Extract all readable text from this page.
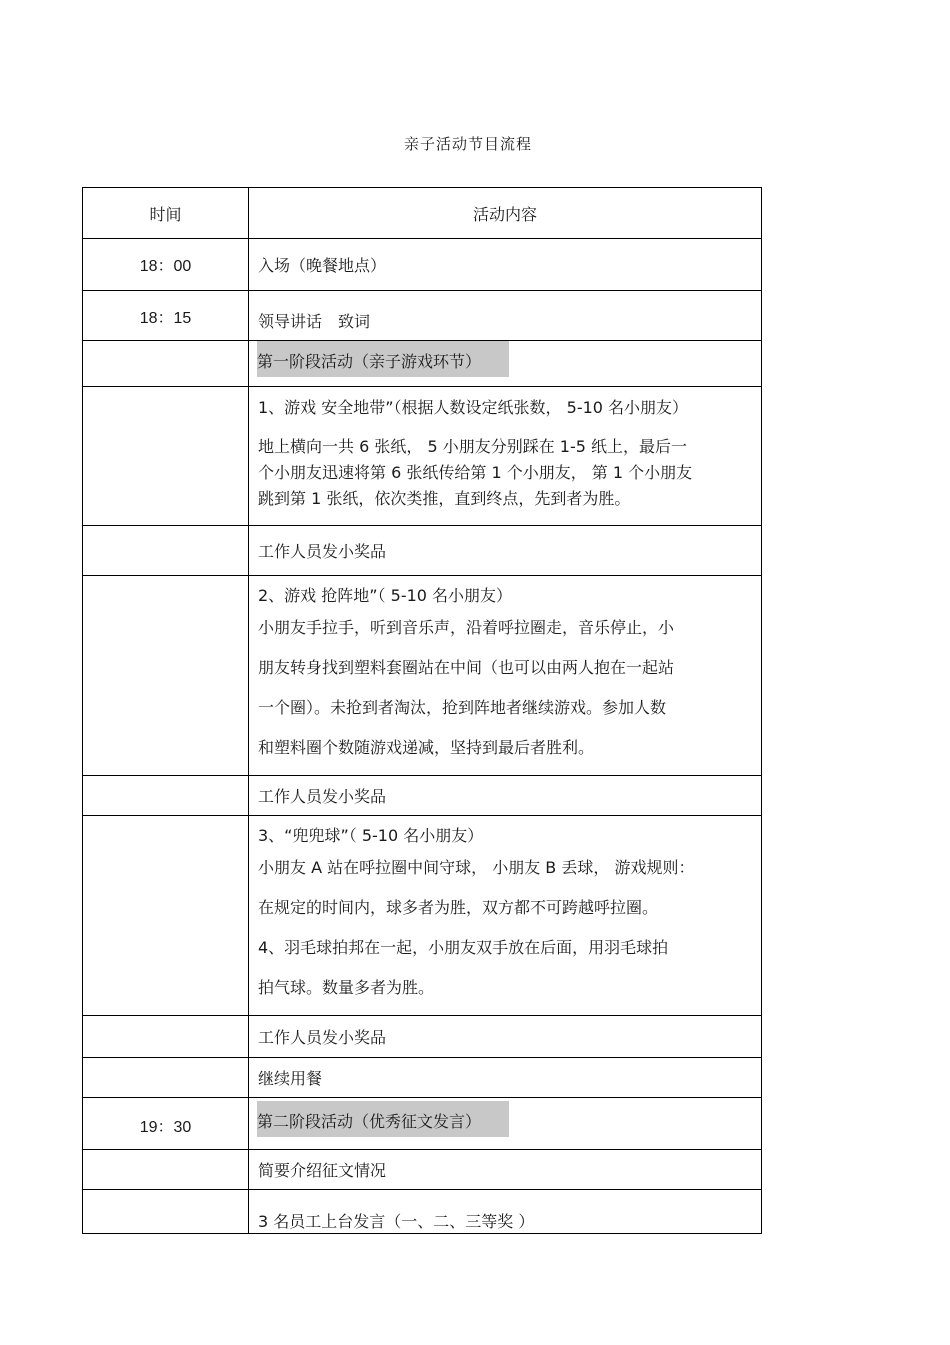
亲子活动节目流程
时间	活动内容
18：00	入场（晚餐地点）
18：15	领导讲话　致词
	第一阶段活动（亲子游戏环节）

	1、游戏 安全地带”（根据人数设定纸张数， 5-10 名小朋友）
地上横向一共 6 张纸， 5 小朋友分别踩在 1-5 纸上，最后一
个小朋友迅速将第 6 张纸传给第 1 个小朋友， 第 1 个小朋友
跳到第 1 张纸，依次类推，直到终点，先到者为胜。

	工作人员发小奖品

	2、游戏 抢阵地”（ 5-10 名小朋友）
小朋友手拉手，听到音乐声，沿着呼拉圈走，音乐停止，小
朋友转身找到塑料套圈站在中间（也可以由两人抱在一起站
一个圈）。未抢到者淘汰，抢到阵地者继续游戏。参加人数
和塑料圈个数随游戏递减，坚持到最后者胜利。

	工作人员发小奖品

	3、“兜兜球”（ 5-10 名小朋友）
小朋友 A 站在呼拉圈中间守球， 小朋友 B 丢球， 游戏规则：
在规定的时间内，球多者为胜，双方都不可跨越呼拉圈。
4、羽毛球拍邦在一起，小朋友双手放在后面，用羽毛球拍
拍气球。数量多者为胜。

	工作人员发小奖品
	继续用餐
19：30	第二阶段活动（优秀征文发言）
	简要介绍征文情况
	3 名员工上台发言（一、二、三等奖 ）
